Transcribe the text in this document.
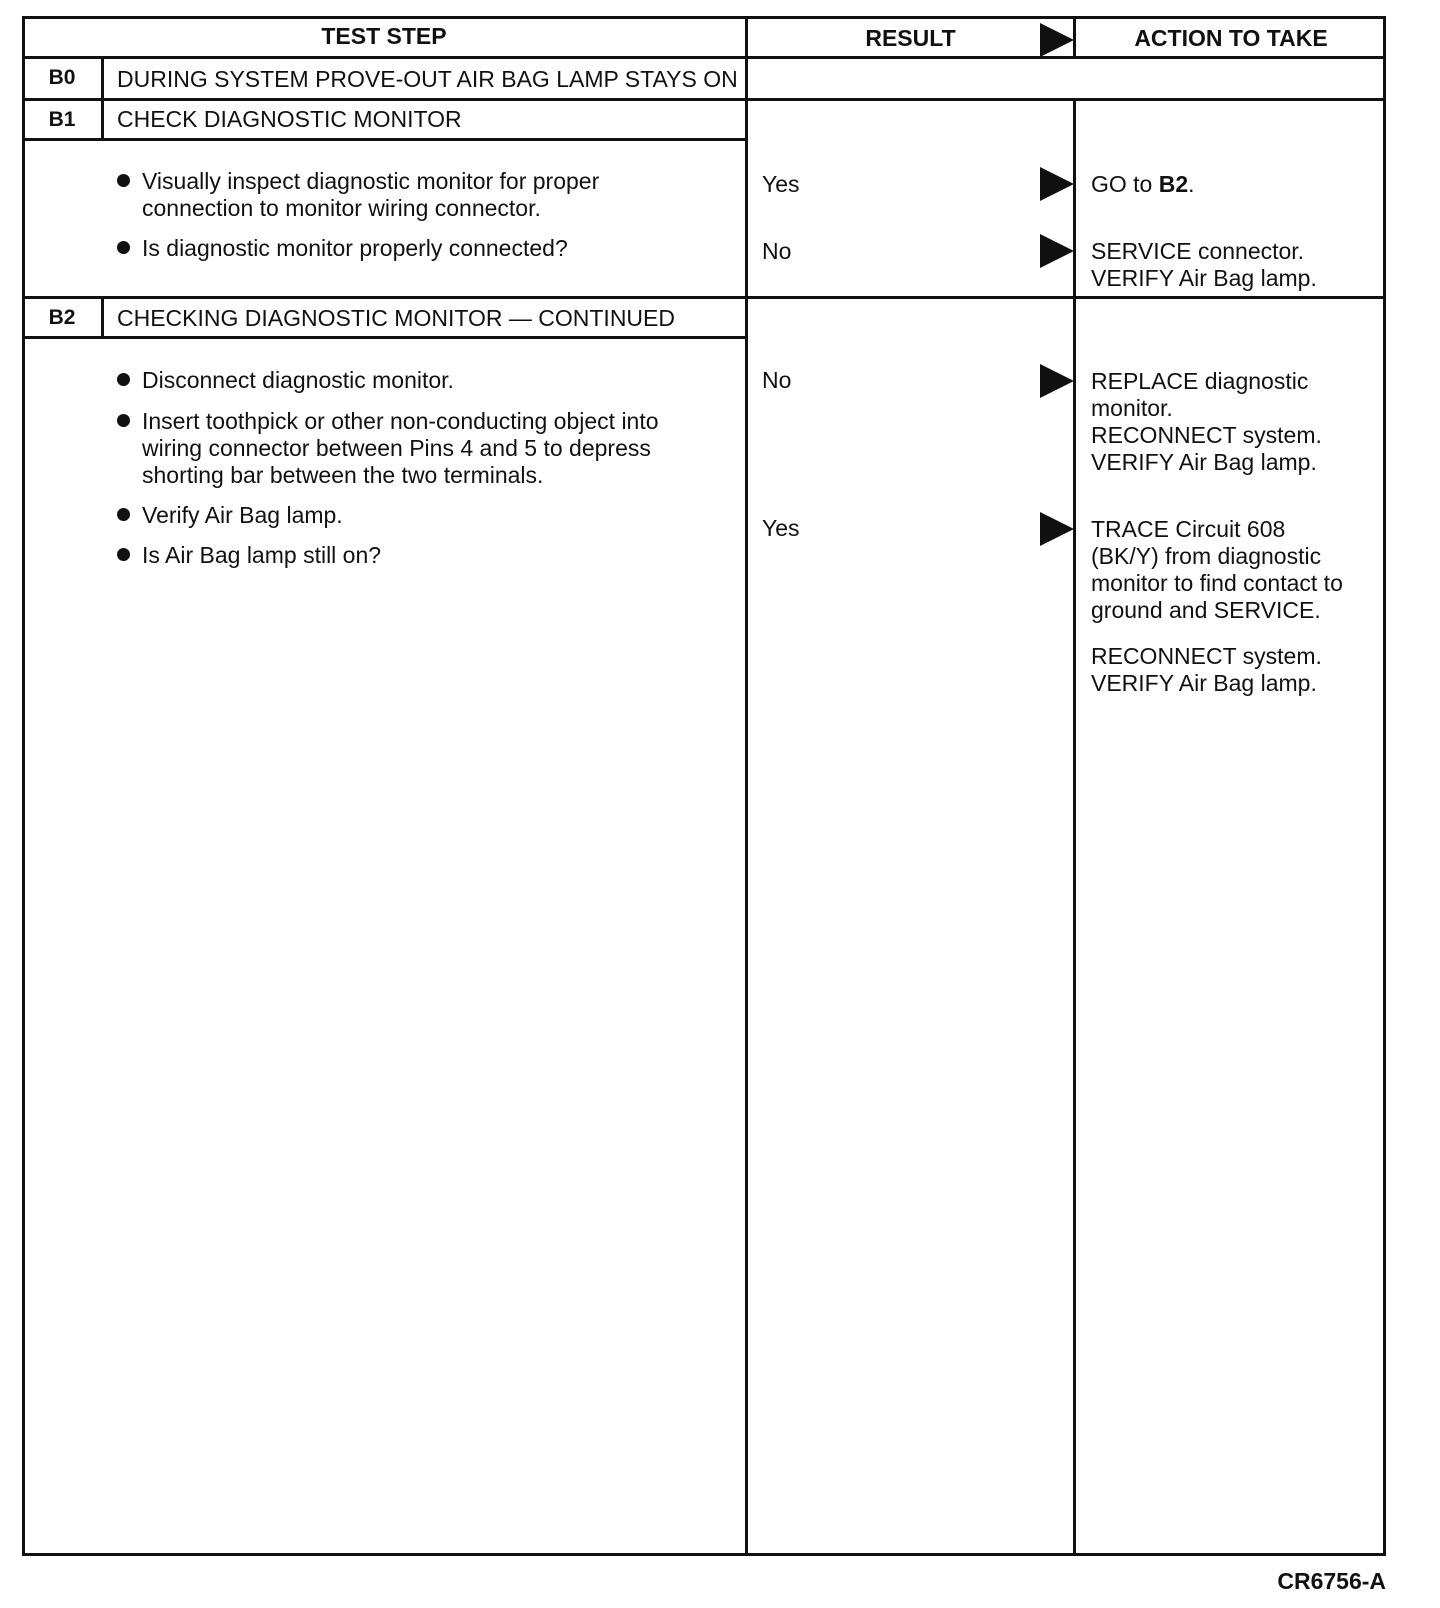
TEST STEP	RESULT	ACTION TO TAKE
B0	DURING SYSTEM PROVE-OUT AIR BAG LAMP STAYS ON
B1	CHECK DIAGNOSTIC MONITOR
Visually inspect diagnostic monitor for proper
connection to monitor wiring connector.
Is diagnostic monitor properly connected?
Yes	GO to B2.
No	SERVICE connector.
VERIFY Air Bag lamp.
B2	CHECKING DIAGNOSTIC MONITOR — CONTINUED
Disconnect diagnostic monitor.
Insert toothpick or other non-conducting object into
wiring connector between Pins 4 and 5 to depress
shorting bar between the two terminals.
Verify Air Bag lamp.
Is Air Bag lamp still on?
No	REPLACE diagnostic
monitor.
RECONNECT system.
VERIFY Air Bag lamp.
Yes	TRACE Circuit 608
(BK/Y) from diagnostic
monitor to find contact to
ground and SERVICE.
RECONNECT system.
VERIFY Air Bag lamp.
CR6756-A
